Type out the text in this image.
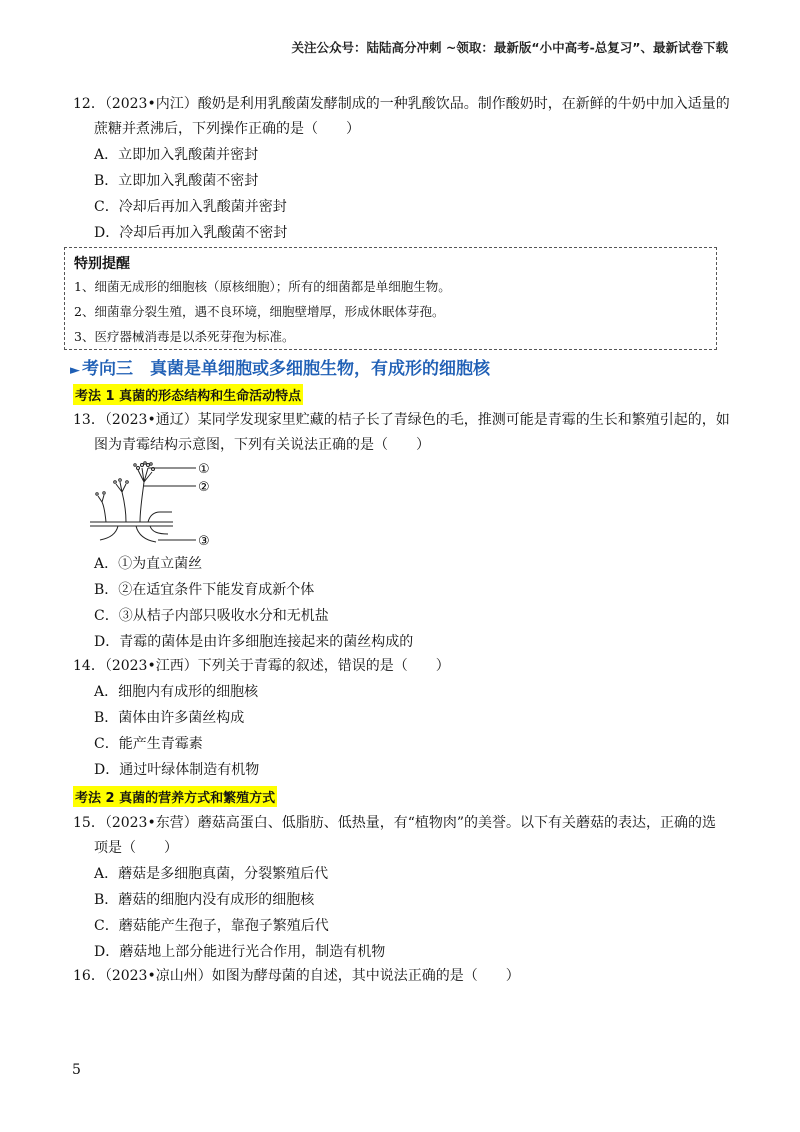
关注公众号：陆陆高分冲刺 ~领取：最新版“小中高考-总复习”、最新试卷下载
12．（2023•内江）酸奶是利用乳酸菌发酵制成的一种乳酸饮品。制作酸奶时，在新鲜的牛奶中加入适量的
蔗糖并煮沸后，下列操作正确的是（　　）
A．立即加入乳酸菌并密封
B．立即加入乳酸菌不密封
C．冷却后再加入乳酸菌并密封
D．冷却后再加入乳酸菌不密封
特别提醒
1、细菌无成形的细胞核（原核细胞）；所有的细菌都是单细胞生物。
2、细菌靠分裂生殖，遇不良环境，细胞壁增厚，形成休眠体芽孢。
3、医疗器械消毒是以杀死芽孢为标准。
► 考向三　真菌是单细胞或多细胞生物，有成形的细胞核
考法 1 真菌的形态结构和生命活动特点
13．（2023•通辽）某同学发现家里贮藏的桔子长了青绿色的毛，推测可能是青霉的生长和繁殖引起的，如
图为青霉结构示意图，下列有关说法正确的是（　　）
①
②
③
A．①为直立菌丝
B．②在适宜条件下能发育成新个体
C．③从桔子内部只吸收水分和无机盐
D．青霉的菌体是由许多细胞连接起来的菌丝构成的
14．（2023•江西）下列关于青霉的叙述，错误的是（　　）
A．细胞内有成形的细胞核
B．菌体由许多菌丝构成
C．能产生青霉素
D．通过叶绿体制造有机物
考法 2 真菌的营养方式和繁殖方式
15．（2023•东营）蘑菇高蛋白、低脂肪、低热量，有“植物肉”的美誉。以下有关蘑菇的表达，正确的选
项是（　　）
A．蘑菇是多细胞真菌，分裂繁殖后代
B．蘑菇的细胞内没有成形的细胞核
C．蘑菇能产生孢子，靠孢子繁殖后代
D．蘑菇地上部分能进行光合作用，制造有机物
16．（2023•凉山州）如图为酵母菌的自述，其中说法正确的是（　　）
5
